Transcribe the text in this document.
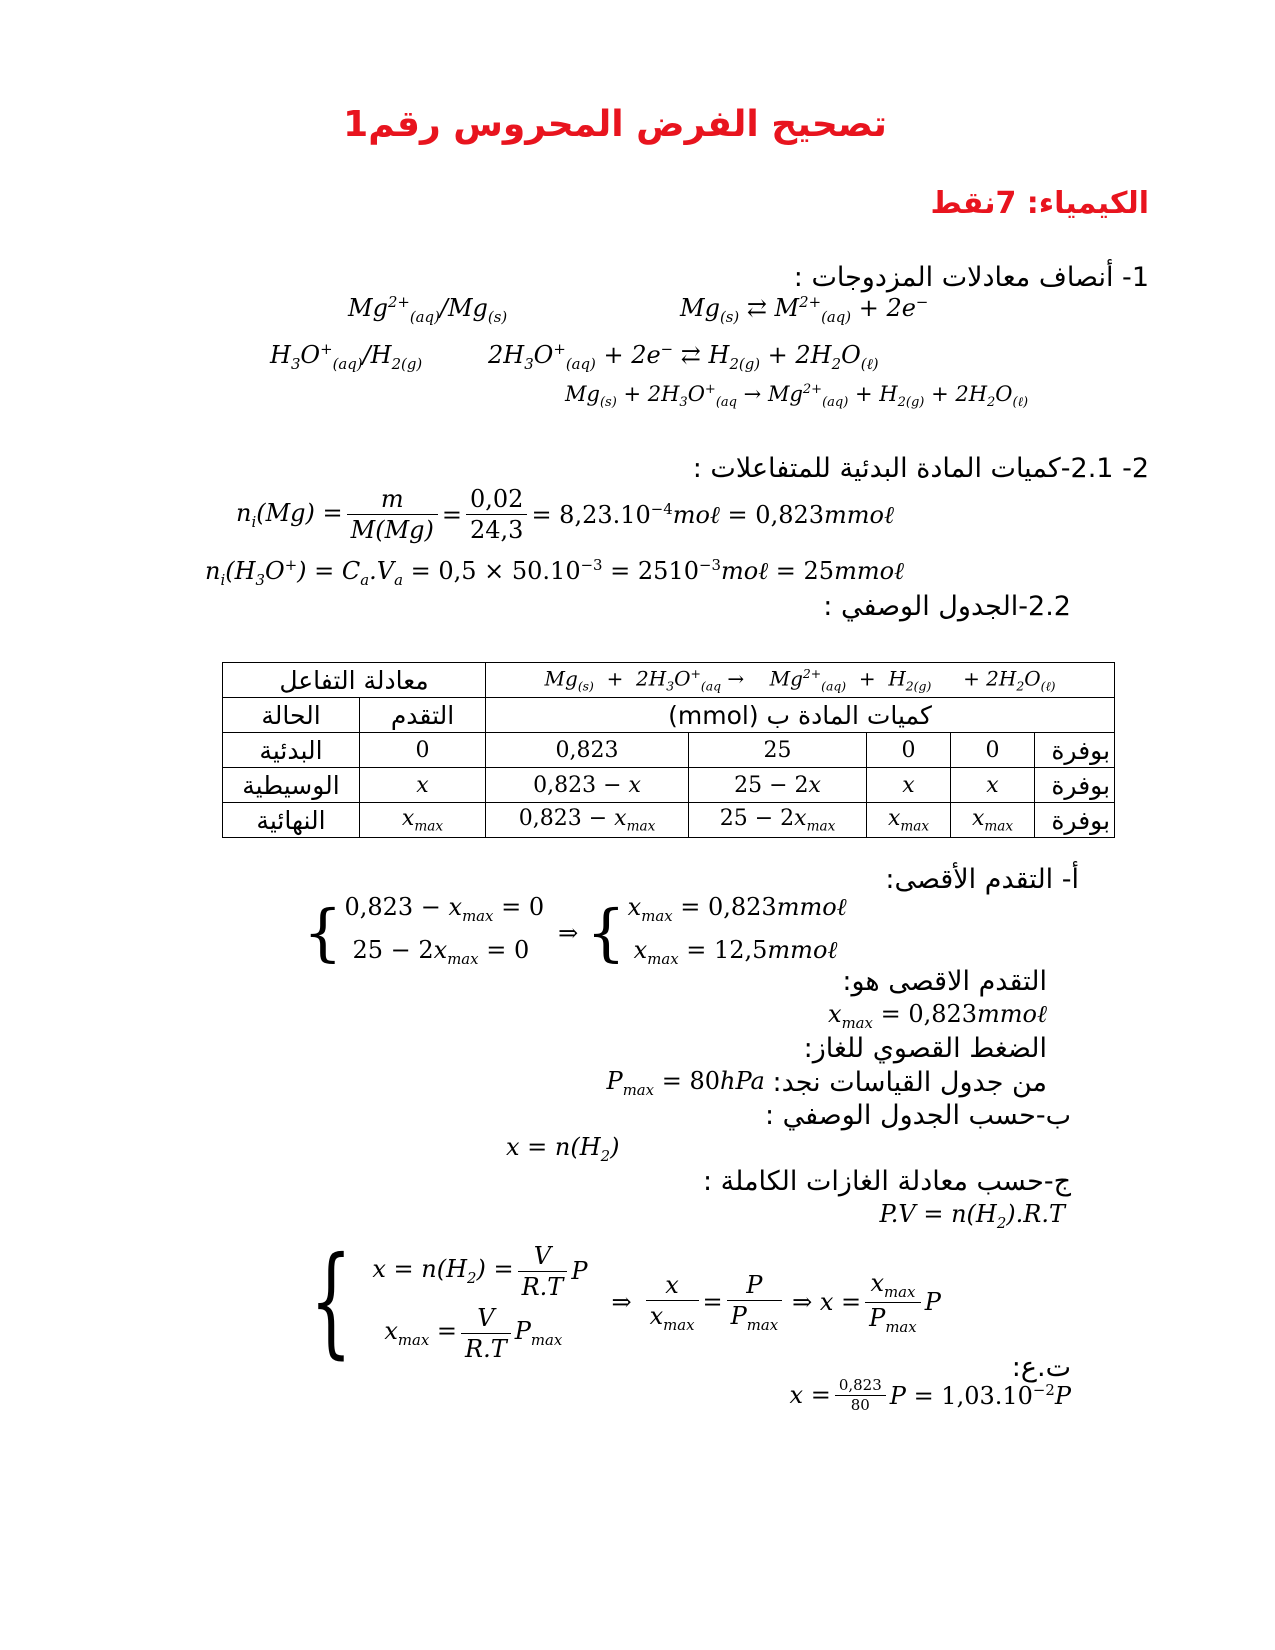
تصحيح الفرض المحروس رقم1
الكيمياء: 7نقط
1- أنصاف معادلات المزدوجات :
$Mg^{2+}_{(aq)}/Mg_{(s)}$	$Mg_{(s)}$ ⇄ $M^{2+}_{(aq)} + 2e^-$
$H_3O^+_{(aq)}/H_{2(g)}$	$2H_3O^+_{(aq)} + 2e^-$ ⇄ $H_{2(g)} + 2H_2O_{(\ell)}$
$Mg_{(s)} + 2H_3O^+_{(aq} \to Mg^{2+}_{(aq)} + H_{2(g)} + 2H_2O_{(\ell)}$
2- 2.1-كميات المادة البدئية للمتفاعلات :
$n_i(Mg) = \frac{m}{M(Mg)} = \frac{0,02}{24,3}$ = $8,23.10^{-4}mo\ell$ = 0,823mmoℓ
$n_i(H_3O^+) = C_a.V_a = 0,5 \times 50.10^{-3}$ = $2510^{-3}mo\ell$ = 25mmoℓ
2.2-الجدول الوصفي :
معادلة التفاعل		$Mg_{(s)} + 2H_3O^+_{(aq}$ →    $Mg^{2+}_{(aq)} + H_{2(g)}$     + $2H_2O_{(\ell)}$
الحالة	التقدم	كميات المادة ب (mmol)				
البدئية	0	0,823	25	0	0	بوفرة
الوسيطية	x	0,823 − x	25 − 2x	x	x	بوفرة
النهائية	$x_{max}$	$0,823 - x_{max}$	$25 - 2x_{max}$	$x_{max}$	$x_{max}$	بوفرة
أ- التقدم الأقصى:
{ $0,823 - x_{max} = 0$
$25 - 2x_{max} = 0$
⇒ { $x_{max}$ = 0,823mmoℓ
$x_{max}$ = 12,5mmoℓ
التقدم الاقصى هو:
$x_{max}$ = 0,823mmoℓ
الضغط القصوي للغاز:
من جدول القياسات نجد:
$P_{max} = 80hPa$
ب-حسب الجدول الوصفي :
$x = n(H_2)$
ج-حسب معادلة الغازات الكاملة :
$P.V = n(H_2).R.T$
{ $x = n(H_2) = \frac{V}{R.T}$ P
$x_{max} = \frac{V}{R.T} P_{max}$
⇒ $\frac{x}{x_{max}} = \frac{P}{P_{max}}$ ⇒ $x = \frac{x_{max}}{P_{max}}$ P
ت.ع:
$x = \frac{0,823}{80}$ $P = 1,03.10^{-2}P$
